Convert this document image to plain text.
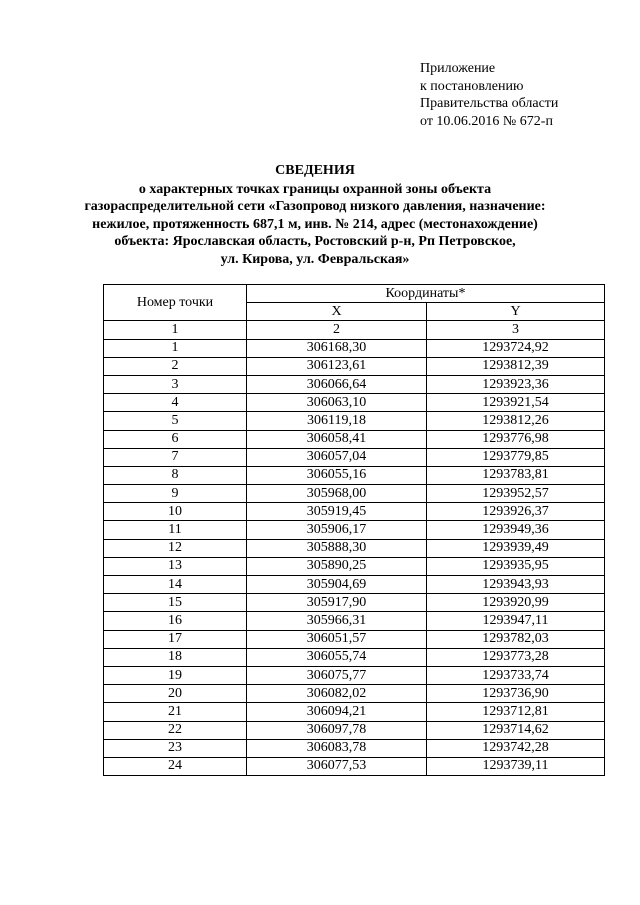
Приложение
к постановлению
Правительства области
от 10.06.2016 № 672-п
СВЕДЕНИЯ
о характерных точках границы охранной зоны объекта
газораспределительной сети «Газопровод низкого давления, назначение:
нежилое, протяженность 687,1 м, инв. № 214, адрес (местонахождение)
объекта: Ярославская область, Ростовский р-н, Рп Петровское,
ул. Кирова, ул. Февральская»
Номер точки	Координаты*	
	X	Y
1	2	3
1	306168,30	1293724,92
2	306123,61	1293812,39
3	306066,64	1293923,36
4	306063,10	1293921,54
5	306119,18	1293812,26
6	306058,41	1293776,98
7	306057,04	1293779,85
8	306055,16	1293783,81
9	305968,00	1293952,57
10	305919,45	1293926,37
11	305906,17	1293949,36
12	305888,30	1293939,49
13	305890,25	1293935,95
14	305904,69	1293943,93
15	305917,90	1293920,99
16	305966,31	1293947,11
17	306051,57	1293782,03
18	306055,74	1293773,28
19	306075,77	1293733,74
20	306082,02	1293736,90
21	306094,21	1293712,81
22	306097,78	1293714,62
23	306083,78	1293742,28
24	306077,53	1293739,11
